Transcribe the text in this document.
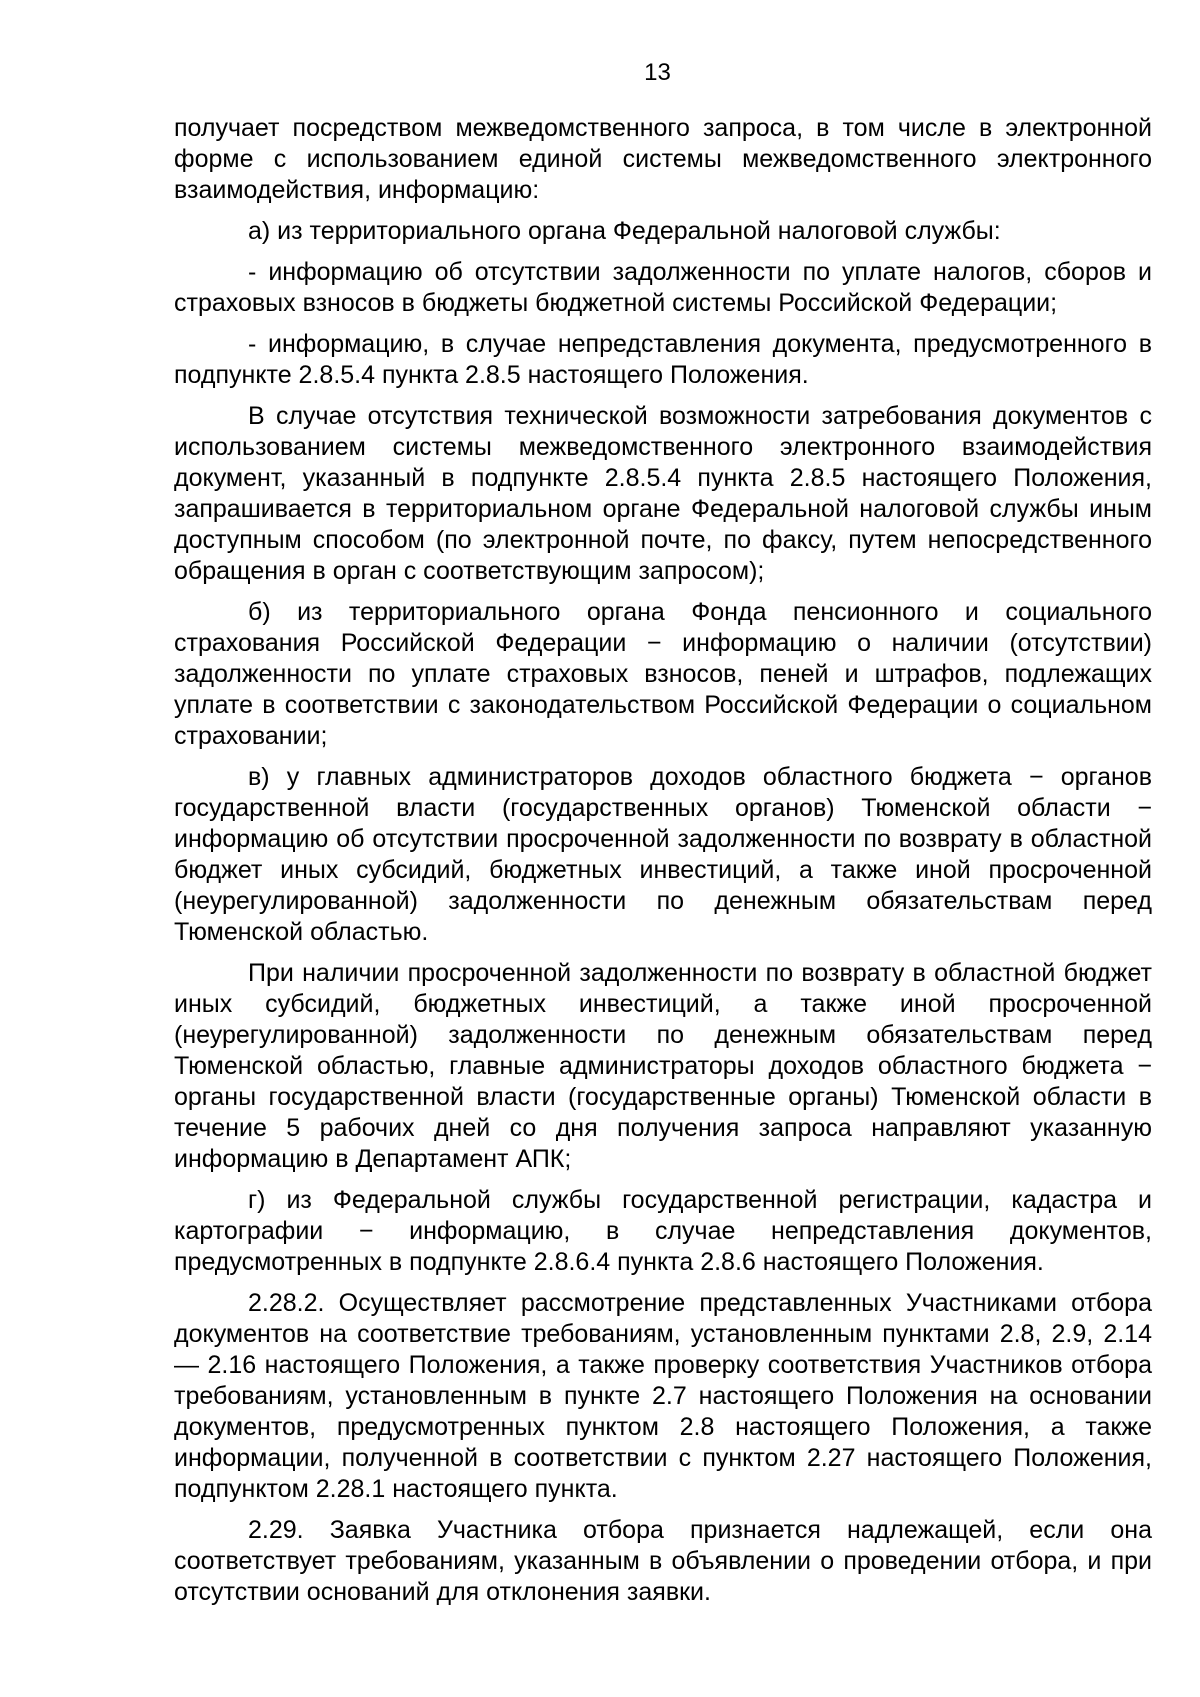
13

получает посредством межведомственного запроса, в том числе в электронной форме с использованием единой системы межведомственного электронного взаимодействия, информацию:

а) из территориального органа Федеральной налоговой службы:

- информацию об отсутствии задолженности по уплате налогов, сборов и страховых взносов в бюджеты бюджетной системы Российской Федерации;

- информацию, в случае непредставления документа, предусмотренного в подпункте 2.8.5.4 пункта 2.8.5 настоящего Положения.

В случае отсутствия технической возможности затребования документов с использованием системы межведомственного электронного взаимодействия документ, указанный в подпункте 2.8.5.4 пункта 2.8.5 настоящего Положения, запрашивается в территориальном органе Федеральной налоговой службы иным доступным способом (по электронной почте, по факсу, путем непосредственного обращения в орган с соответствующим запросом);

б) из территориального органа Фонда пенсионного и социального страхования Российской Федерации − информацию о наличии (отсутствии) задолженности по уплате страховых взносов, пеней и штрафов, подлежащих уплате в соответствии с законодательством Российской Федерации о социальном страховании;

в) у главных администраторов доходов областного бюджета − органов государственной власти (государственных органов) Тюменской области − информацию об отсутствии просроченной задолженности по возврату в областной бюджет иных субсидий, бюджетных инвестиций, а также иной просроченной (неурегулированной) задолженности по денежным обязательствам перед Тюменской областью.

При наличии просроченной задолженности по возврату в областной бюджет иных субсидий, бюджетных инвестиций, а также иной просроченной (неурегулированной) задолженности по денежным обязательствам перед Тюменской областью, главные администраторы доходов областного бюджета − органы государственной власти (государственные органы) Тюменской области в течение 5 рабочих дней со дня получения запроса направляют указанную информацию в Департамент АПК;

г) из Федеральной службы государственной регистрации, кадастра и картографии − информацию, в случае непредставления документов, предусмотренных в подпункте 2.8.6.4 пункта 2.8.6 настоящего Положения.

2.28.2. Осуществляет рассмотрение представленных Участниками отбора документов на соответствие требованиям, установленным пунктами 2.8, 2.9, 2.14 — 2.16 настоящего Положения, а также проверку соответствия Участников отбора требованиям, установленным в пункте 2.7 настоящего Положения на основании документов, предусмотренных пунктом 2.8 настоящего Положения, а также информации, полученной в соответствии с пунктом 2.27 настоящего Положения, подпунктом 2.28.1 настоящего пункта.

2.29. Заявка Участника отбора признается надлежащей, если она соответствует требованиям, указанным в объявлении о проведении отбора, и при отсутствии оснований для отклонения заявки.
